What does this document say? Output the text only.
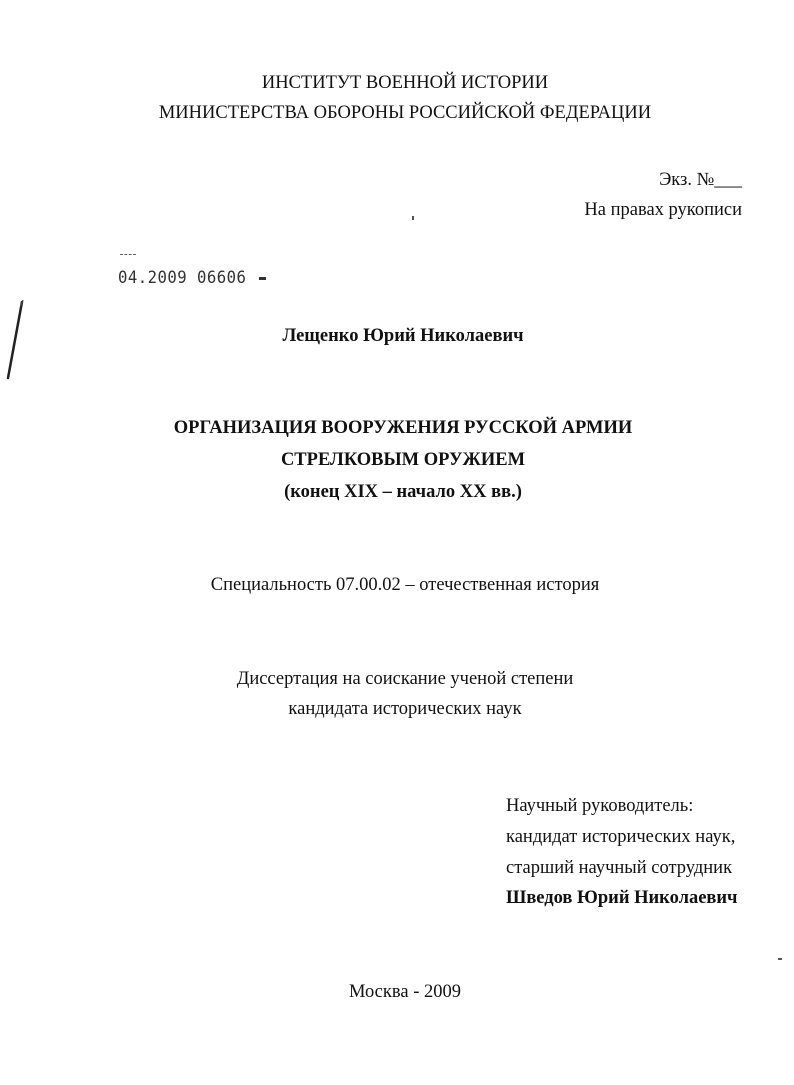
ИНСТИТУТ ВОЕННОЙ ИСТОРИИ
МИНИСТЕРСТВА ОБОРОНЫ РОССИЙСКОЙ ФЕДЕРАЦИИ
Экз. №___
На правах рукописи
04.2009 06606
Лещенко Юрий Николаевич
ОРГАНИЗАЦИЯ ВООРУЖЕНИЯ РУССКОЙ АРМИИ
СТРЕЛКОВЫМ ОРУЖИЕМ
(конец XIX – начало XX вв.)
Специальность 07.00.02 – отечественная история
Диссертация на соискание ученой степени
кандидата исторических наук
Научный руководитель:
кандидат исторических наук,
старший научный сотрудник
Шведов Юрий Николаевич
Москва - 2009
